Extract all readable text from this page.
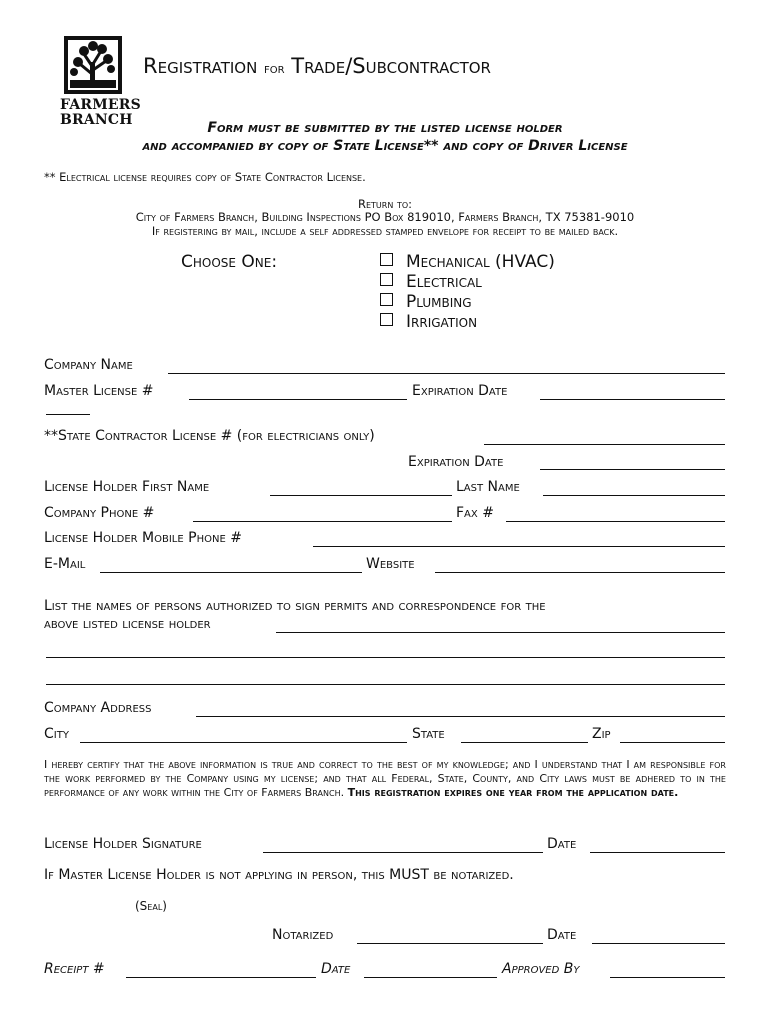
FARMERS
BRANCH
Registration for Trade/Subcontractor
Form must be submitted by the listed license holder
and accompanied by copy of State License** and copy of Driver License
** Electrical license requires copy of State Contractor License.
Return to:
City of Farmers Branch, Building Inspections PO Box 819010, Farmers Branch, TX 75381-9010
If registering by mail, include a self addressed stamped envelope for receipt to be mailed back.
Choose One:	Mechanical (HVAC)
Electrical
Plumbing
Irrigation
Company Name
Master License #	Expiration Date
**State Contractor License # (for electricians only)
Expiration Date
License Holder First Name	Last Name
Company Phone #	Fax #
License Holder Mobile Phone #
E-Mail	Website
List the names of persons authorized to sign permits and correspondence for the
above listed license holder
Company Address
City	State	Zip
I hereby certify that the above information is true and correct to the best of my knowledge; and I understand that I am responsible for the work performed by the Company using my license; and that all Federal, State, County, and City laws must be adhered to in the performance of any work within the City of Farmers Branch. This registration expires one year from the application date.
License Holder Signature	Date
If Master License Holder is not applying in person, this MUST be notarized.
(Seal)
Notarized	Date
Receipt #	Date	Approved By
